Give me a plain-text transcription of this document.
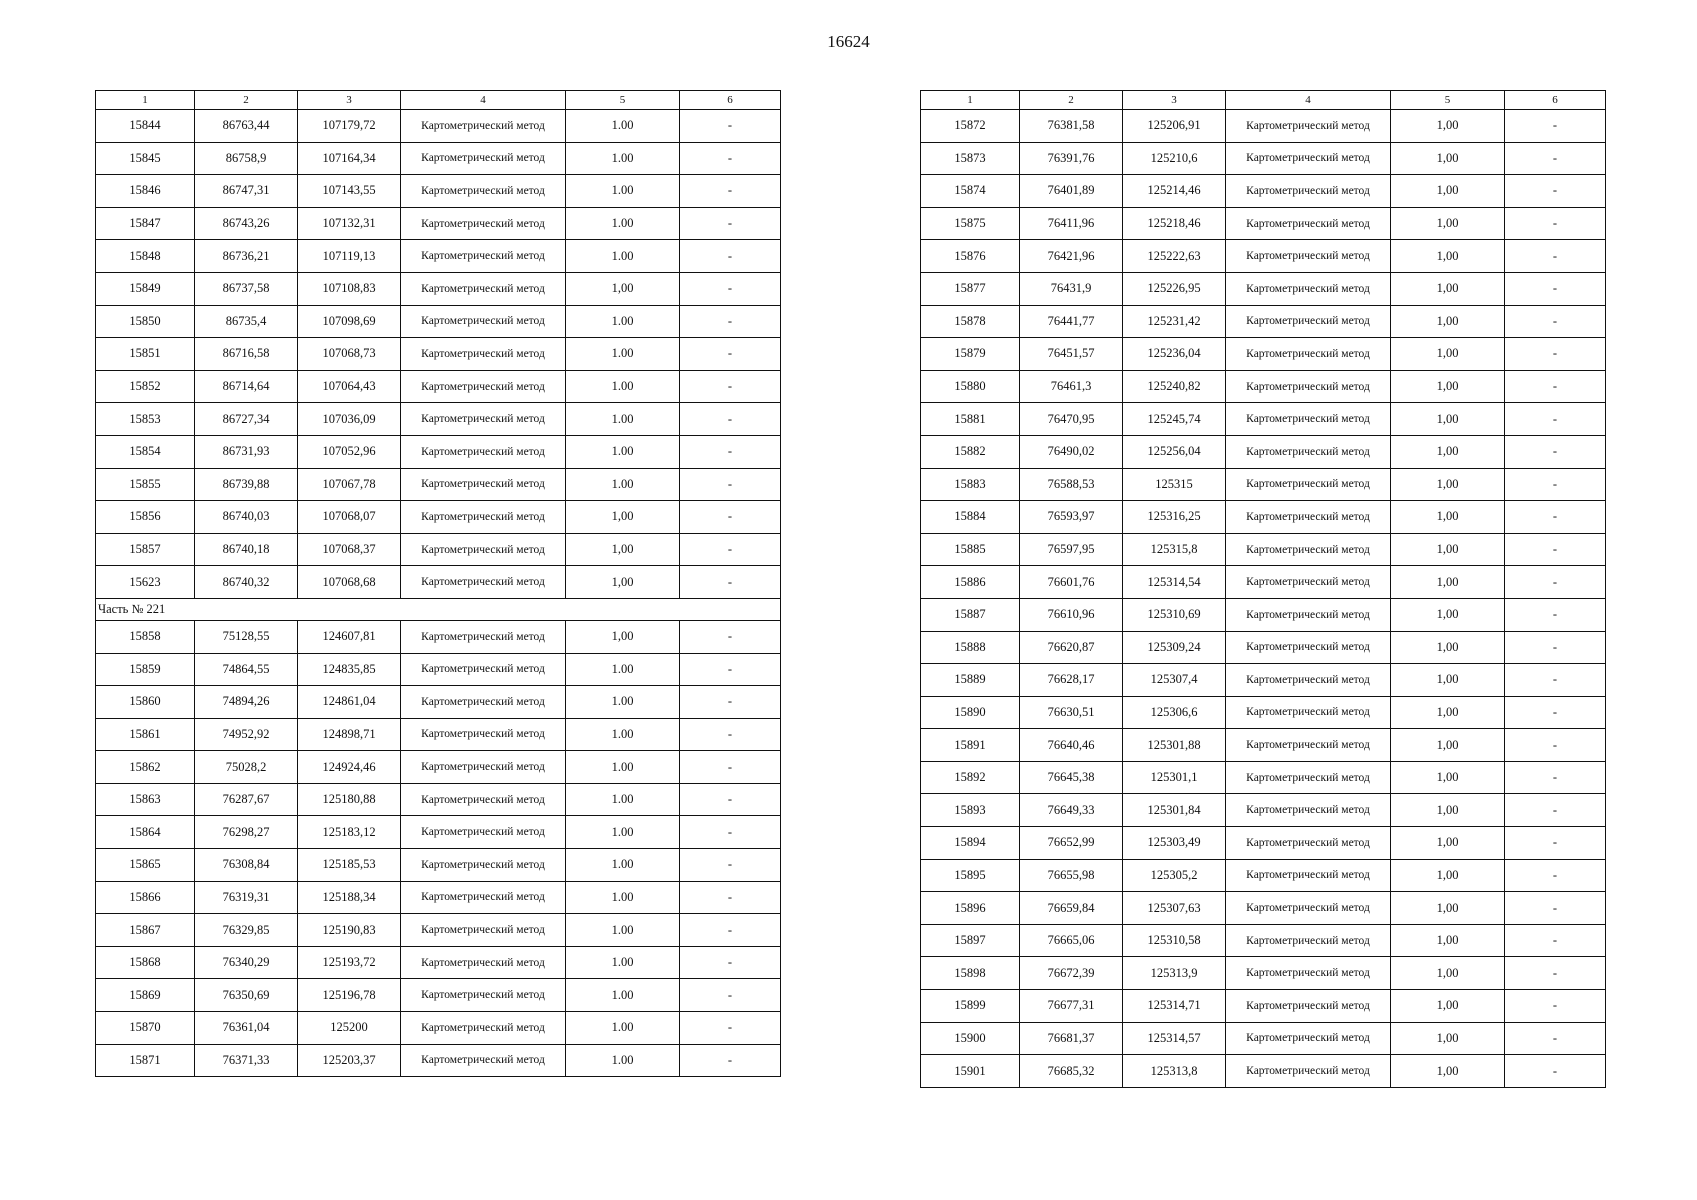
16624
1	2	3	4	5	6
15844	86763,44	107179,72	Картометрический метод	1.00	-
15845	86758,9	107164,34	Картометрический метод	1.00	-
15846	86747,31	107143,55	Картометрический метод	1.00	-
15847	86743,26	107132,31	Картометрический метод	1.00	-
15848	86736,21	107119,13	Картометрический метод	1.00	-
15849	86737,58	107108,83	Картометрический метод	1,00	-
15850	86735,4	107098,69	Картометрический метод	1.00	-
15851	86716,58	107068,73	Картометрический метод	1.00	-
15852	86714,64	107064,43	Картометрический метод	1.00	-
15853	86727,34	107036,09	Картометрический метод	1.00	-
15854	86731,93	107052,96	Картометрический метод	1.00	-
15855	86739,88	107067,78	Картометрический метод	1.00	-
15856	86740,03	107068,07	Картометрический метод	1,00	-
15857	86740,18	107068,37	Картометрический метод	1,00	-
15623	86740,32	107068,68	Картометрический метод	1,00	-
Часть № 221					
15858	75128,55	124607,81	Картометрический метод	1,00	-
15859	74864,55	124835,85	Картометрический метод	1.00	-
15860	74894,26	124861,04	Картометрический метод	1.00	-
15861	74952,92	124898,71	Картометрический метод	1.00	-
15862	75028,2	124924,46	Картометрический метод	1.00	-
15863	76287,67	125180,88	Картометрический метод	1.00	-
15864	76298,27	125183,12	Картометрический метод	1.00	-
15865	76308,84	125185,53	Картометрический метод	1.00	-
15866	76319,31	125188,34	Картометрический метод	1.00	-
15867	76329,85	125190,83	Картометрический метод	1.00	-
15868	76340,29	125193,72	Картометрический метод	1.00	-
15869	76350,69	125196,78	Картометрический метод	1.00	-
15870	76361,04	125200	Картометрический метод	1.00	-
15871	76371,33	125203,37	Картометрический метод	1.00	-
1	2	3	4	5	6
15872	76381,58	125206,91	Картометрический метод	1,00	-
15873	76391,76	125210,6	Картометрический метод	1,00	-
15874	76401,89	125214,46	Картометрический метод	1,00	-
15875	76411,96	125218,46	Картометрический метод	1,00	-
15876	76421,96	125222,63	Картометрический метод	1,00	-
15877	76431,9	125226,95	Картометрический метод	1,00	-
15878	76441,77	125231,42	Картометрический метод	1,00	-
15879	76451,57	125236,04	Картометрический метод	1,00	-
15880	76461,3	125240,82	Картометрический метод	1,00	-
15881	76470,95	125245,74	Картометрический метод	1,00	-
15882	76490,02	125256,04	Картометрический метод	1,00	-
15883	76588,53	125315	Картометрический метод	1,00	-
15884	76593,97	125316,25	Картометрический метод	1,00	-
15885	76597,95	125315,8	Картометрический метод	1,00	-
15886	76601,76	125314,54	Картометрический метод	1,00	-
15887	76610,96	125310,69	Картометрический метод	1,00	-
15888	76620,87	125309,24	Картометрический метод	1,00	-
15889	76628,17	125307,4	Картометрический метод	1,00	-
15890	76630,51	125306,6	Картометрический метод	1,00	-
15891	76640,46	125301,88	Картометрический метод	1,00	-
15892	76645,38	125301,1	Картометрический метод	1,00	-
15893	76649,33	125301,84	Картометрический метод	1,00	-
15894	76652,99	125303,49	Картометрический метод	1,00	-
15895	76655,98	125305,2	Картометрический метод	1,00	-
15896	76659,84	125307,63	Картометрический метод	1,00	-
15897	76665,06	125310,58	Картометрический метод	1,00	-
15898	76672,39	125313,9	Картометрический метод	1,00	-
15899	76677,31	125314,71	Картометрический метод	1,00	-
15900	76681,37	125314,57	Картометрический метод	1,00	-
15901	76685,32	125313,8	Картометрический метод	1,00	-
